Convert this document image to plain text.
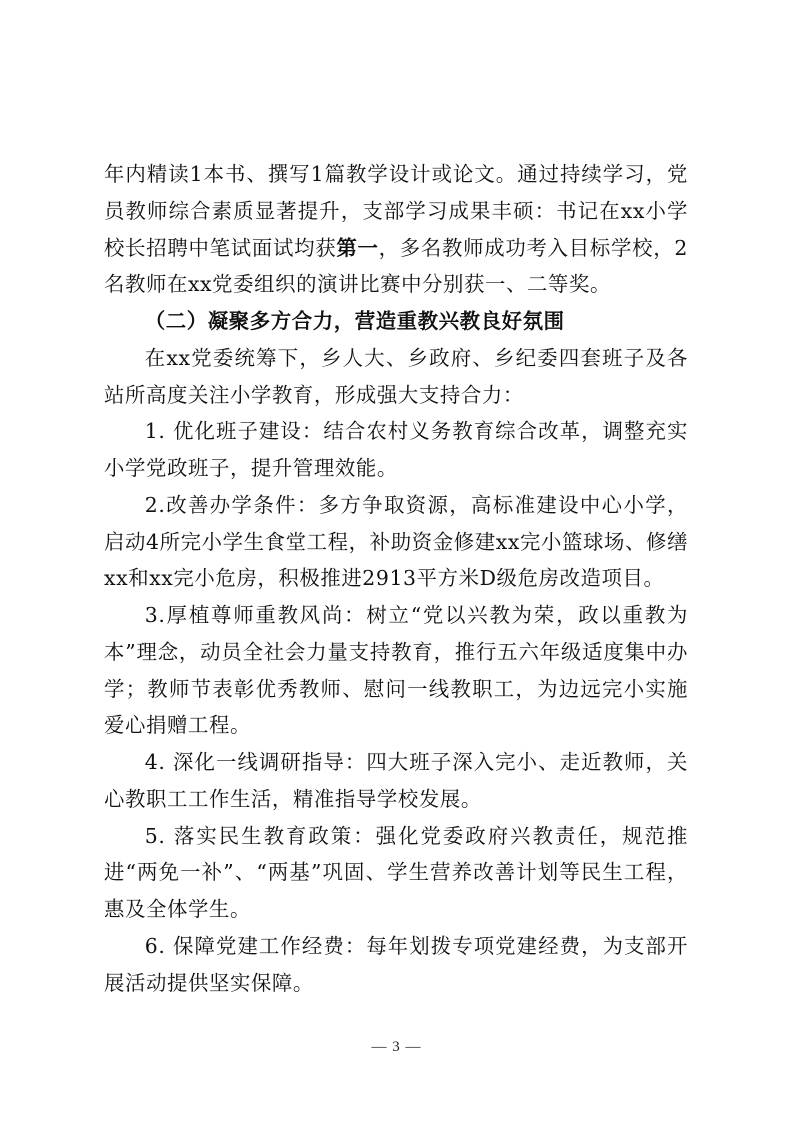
年内精读1本书、撰写1篇教学设计或论文。通过持续学习，党员教师综合素质显著提升，支部学习成果丰硕：书记在xx小学校长招聘中笔试面试均获第一，多名教师成功考入目标学校，2名教师在xx党委组织的演讲比赛中分别获一、二等奖。

（二）凝聚多方合力，营造重教兴教良好氛围

在xx党委统筹下，乡人大、乡政府、乡纪委四套班子及各站所高度关注小学教育，形成强大支持合力：

1. 优化班子建设：结合农村义务教育综合改革，调整充实小学党政班子，提升管理效能。

2.改善办学条件：多方争取资源，高标准建设中心小学，启动4所完小学生食堂工程，补助资金修建xx完小篮球场、修缮xx和xx完小危房，积极推进2913平方米D级危房改造项目。

3.厚植尊师重教风尚：树立“党以兴教为荣，政以重教为本”理念，动员全社会力量支持教育，推行五六年级适度集中办学；教师节表彰优秀教师、慰问一线教职工，为边远完小实施爱心捐赠工程。

4. 深化一线调研指导：四大班子深入完小、走近教师，关心教职工工作生活，精准指导学校发展。

5. 落实民生教育政策：强化党委政府兴教责任，规范推进“两免一补”、“两基”巩固、学生营养改善计划等民生工程，惠及全体学生。

6. 保障党建工作经费：每年划拨专项党建经费，为支部开展活动提供坚实保障。

— 3 —
